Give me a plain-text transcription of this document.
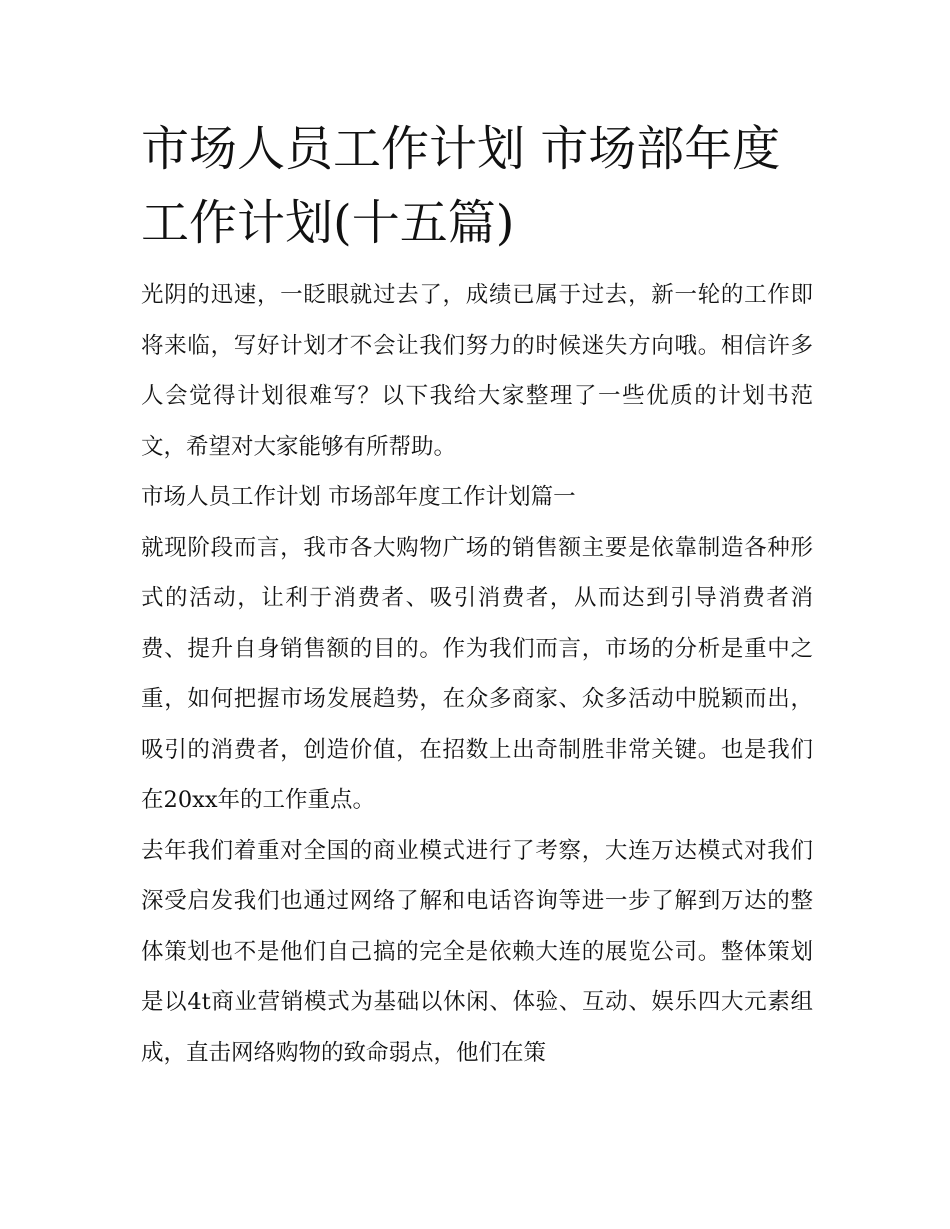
市场人员工作计划 市场部年度工作计划(十五篇)

光阴的迅速，一眨眼就过去了，成绩已属于过去，新一轮的工作即将来临，写好计划才不会让我们努力的时候迷失方向哦。相信许多人会觉得计划很难写？以下我给大家整理了一些优质的计划书范文，希望对大家能够有所帮助。

市场人员工作计划 市场部年度工作计划篇一

就现阶段而言，我市各大购物广场的销售额主要是依靠制造各种形式的活动，让利于消费者、吸引消费者，从而达到引导消费者消费、提升自身销售额的目的。作为我们而言，市场的分析是重中之重，如何把握市场发展趋势，在众多商家、众多活动中脱颖而出，吸引的消费者，创造价值，在招数上出奇制胜非常关键。也是我们在20xx年的工作重点。

去年我们着重对全国的商业模式进行了考察，大连万达模式对我们深受启发我们也通过网络了解和电话咨询等进一步了解到万达的整体策划也不是他们自己搞的完全是依赖大连的展览公司。整体策划是以4t商业营销模式为基础以休闲、体验、互动、娱乐四大元素组成，直击网络购物的致命弱点，他们在策
